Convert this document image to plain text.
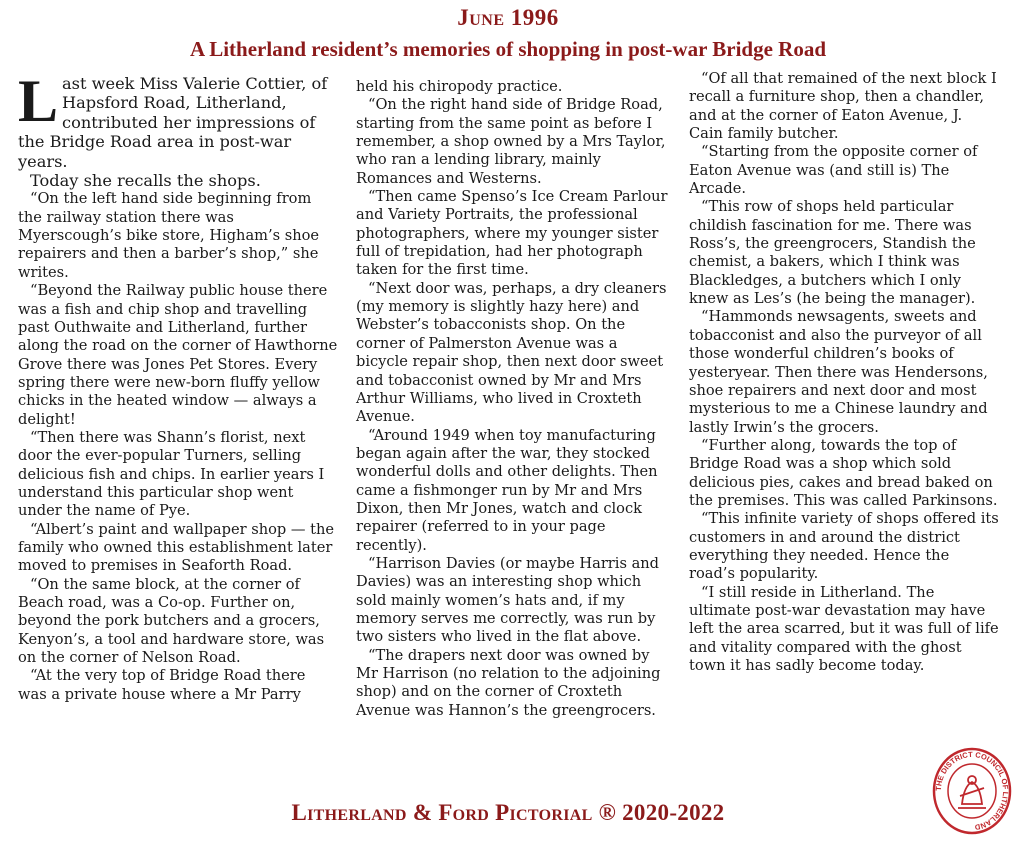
June 1996
A Litherland resident’s memories of shopping in post-war Bridge Road

Last week Miss Valerie Cottier, of Hapsford Road, Litherland, contributed her impressions of the Bridge Road area in post-war years.

Today she recalls the shops.

“On the left hand side beginning from the railway station there was Myerscough’s bike store, Higham’s shoe repairers and then a barber’s shop,” she writes.

“Beyond the Railway public house there was a fish and chip shop and travelling past Outhwaite and Litherland, further along the road on the corner of Hawthorne Grove there was Jones Pet Stores. Every spring there were new-born fluffy yellow chicks in the heated window — always a delight!

“Then there was Shann’s florist, next door the ever-popular Turners, selling delicious fish and chips. In earlier years I understand this particular shop went under the name of Pye.

“Albert’s paint and wallpaper shop — the family who owned this establishment later moved to premises in Seaforth Road.

“On the same block, at the corner of Beach road, was a Co-op. Further on, beyond the pork butchers and a grocers, Kenyon’s, a tool and hardware store, was on the corner of Nelson Road.

“At the very top of Bridge Road there was a private house where a Mr Parry

held his chiropody practice.

“On the right hand side of Bridge Road, starting from the same point as before I remember, a shop owned by a Mrs Taylor, who ran a lending library, mainly Romances and Westerns.

“Then came Spenso’s Ice Cream Parlour and Variety Portraits, the professional photographers, where my younger sister full of trepidation, had her photograph taken for the first time.

“Next door was, perhaps, a dry cleaners (my memory is slightly hazy here) and Webster’s tobacconists shop. On the corner of Palmerston Avenue was a bicycle repair shop, then next door sweet and tobacconist owned by Mr and Mrs Arthur Williams, who lived in Croxteth Avenue.

“Around 1949 when toy manufacturing began again after the war, they stocked wonderful dolls and other delights. Then came a fishmonger run by Mr and Mrs Dixon, then Mr Jones, watch and clock repairer (referred to in your page recently).

“Harrison Davies (or maybe Harris and Davies) was an interesting shop which sold mainly women’s hats and, if my memory serves me correctly, was run by two sisters who lived in the flat above.

“The drapers next door was owned by Mr Harrison (no relation to the adjoining shop) and on the corner of Croxteth Avenue was Hannon’s the greengrocers.

“Of all that remained of the next block I recall a furniture shop, then a chandler, and at the corner of Eaton Avenue, J. Cain family butcher.

“Starting from the opposite corner of Eaton Avenue was (and still is) The Arcade.

“This row of shops held particular childish fascination for me. There was Ross’s, the greengrocers, Standish the chemist, a bakers, which I think was Blackledges, a butchers which I only knew as Les’s (he being the manager).

“Hammonds newsagents, sweets and tobacconist and also the purveyor of all those wonderful children’s books of yesteryear. Then there was Hendersons, shoe repairers and next door and most mysterious to me a Chinese laundry and lastly Irwin’s the grocers.

“Further along, towards the top of Bridge Road was a shop which sold delicious pies, cakes and bread baked on the premises. This was called Parkinsons.

“This infinite variety of shops offered its customers in and around the district everything they needed. Hence the road’s popularity.

“I still reside in Litherland. The ultimate post-war devastation may have left the area scarred, but it was full of life and vitality compared with the ghost town it has sadly become today.

Litherland & Ford Pictorial ® 2020-2022
THE DISTRICT COUNCIL OF LITHERLAND
